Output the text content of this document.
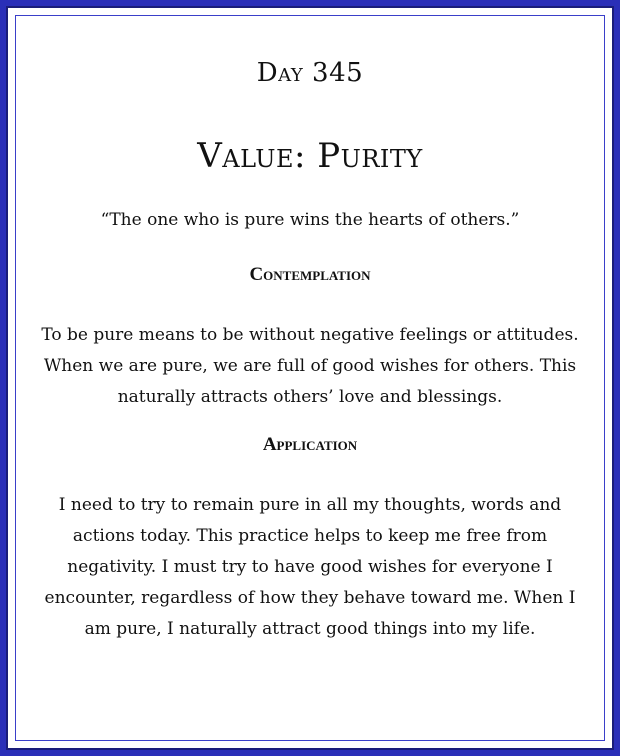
Day 345
Value: Purity
“The one who is pure wins the hearts of others.”
Contemplation
To be pure means to be without negative feelings or attitudes. When we are pure, we are full of good wishes for others. This naturally attracts others’ love and blessings.
Application
I need to try to remain pure in all my thoughts, words and actions today. This practice helps to keep me free from negativity. I must try to have good wishes for everyone I encounter, regardless of how they behave toward me. When I am pure, I naturally attract good things into my life.
